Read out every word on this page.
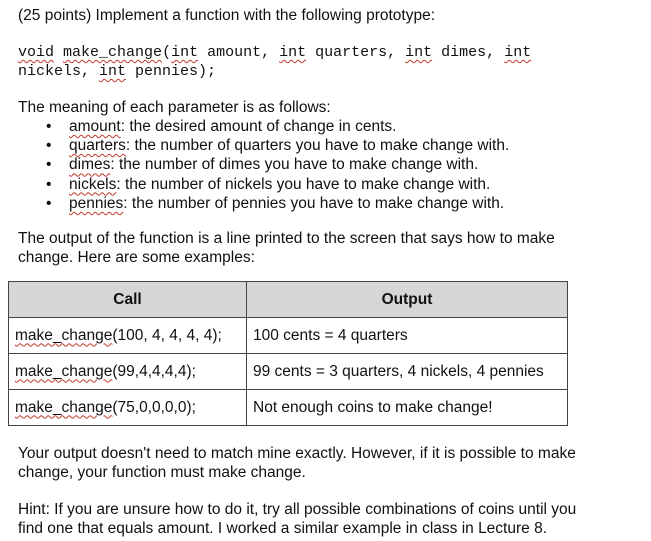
(25 points) Implement a function with the following prototype:

void make_change(int amount, int quarters, int dimes, int

nickels, int pennies);

The meaning of each parameter is as follows:

• amount: the desired amount of change in cents.
• quarters: the number of quarters you have to make change with.
• dimes: the number of dimes you have to make change with.
• nickels: the number of nickels you have to make change with.
• pennies: the number of pennies you have to make change with.

The output of the function is a line printed to the screen that says how to make

change. Here are some examples:

Call	Output
make_change(100, 4, 4, 4, 4);	100 cents = 4 quarters
make_change(99,4,4,4,4);	99 cents = 3 quarters, 4 nickels, 4 pennies
make_change(75,0,0,0,0);	Not enough coins to make change!

Your output doesn't need to match mine exactly. However, if it is possible to make

change, your function must make change.

Hint: If you are unsure how to do it, try all possible combinations of coins until you

find one that equals amount. I worked a similar example in class in Lecture 8.
